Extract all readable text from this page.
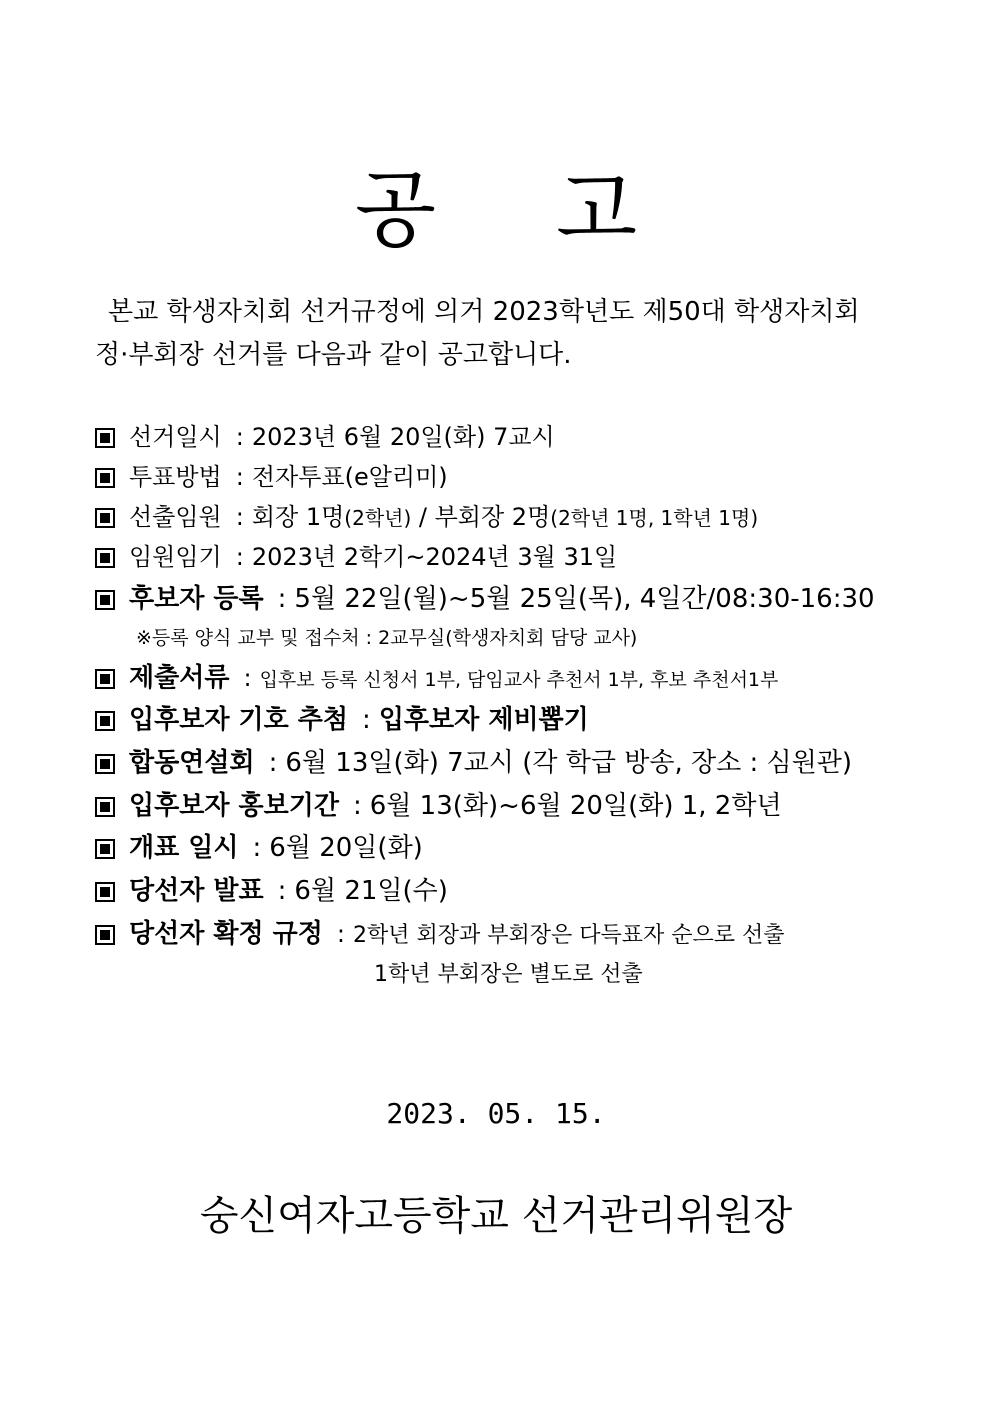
공 고
본교 학생자치회 선거규정에 의거 2023학년도 제50대 학생자치회
정·부회장 선거를 다음과 같이 공고합니다.
선거일시 : 2023년 6월 20일(화) 7교시
투표방법 : 전자투표(e알리미)
선출임원 : 회장 1명(2학년) / 부회장 2명(2학년 1명, 1학년 1명)
임원임기 : 2023년 2학기~2024년 3월 31일
후보자 등록 : 5월 22일(월)~5월 25일(목), 4일간/08:30-16:30
※등록 양식 교부 및 접수처 : 2교무실(학생자치회 담당 교사)
제출서류 : 입후보 등록 신청서 1부, 담임교사 추천서 1부, 후보 추천서1부
입후보자 기호 추첨 : 입후보자 제비뽑기
합동연설회 : 6월 13일(화) 7교시 (각 학급 방송, 장소 : 심원관)
입후보자 홍보기간 : 6월 13(화)~6월 20일(화) 1, 2학년
개표 일시 : 6월 20일(화)
당선자 발표 : 6월 21일(수)
당선자 확정 규정 : 2학년 회장과 부회장은 다득표자 순으로 선출
1학년 부회장은 별도로 선출
2023. 05. 15.
숭신여자고등학교 선거관리위원장
